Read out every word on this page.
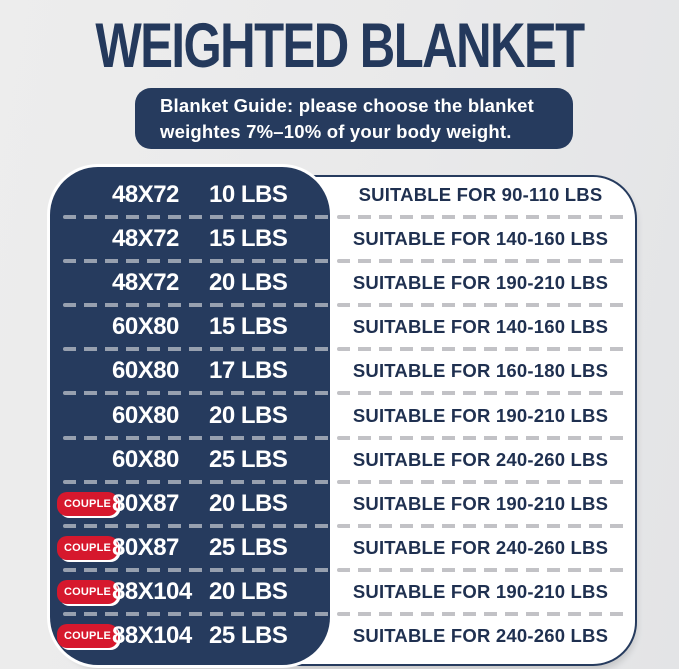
WEIGHTED BLANKET
Blanket Guide: please choose the blanket
weightes 7%–10% of your body weight.
48X72	10 LBS	SUITABLE FOR 90-110 LBS
48X72	15 LBS	SUITABLE FOR 140-160 LBS
48X72	20 LBS	SUITABLE FOR 190-210 LBS
60X80	15 LBS	SUITABLE FOR 140-160 LBS
60X80	17 LBS	SUITABLE FOR 160-180 LBS
60X80	20 LBS	SUITABLE FOR 190-210 LBS
60X80	25 LBS	SUITABLE FOR 240-260 LBS
COUPLE 80X87	20 LBS	SUITABLE FOR 190-210 LBS
COUPLE 80X87	25 LBS	SUITABLE FOR 240-260 LBS
COUPLE 88X104 20 LBS	SUITABLE FOR 190-210 LBS
COUPLE 88X104 25 LBS	SUITABLE FOR 240-260 LBS
